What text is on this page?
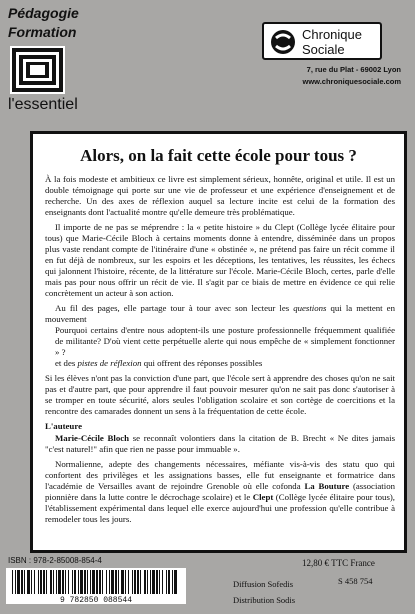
Pédagogie
Formation
l'essentiel
Chronique
Sociale
7, rue du Plat - 69002 Lyon
www.chroniquesociale.com
Alors, on la fait cette école pour tous ?

À la fois modeste et ambitieux ce livre est simplement sérieux, honnête, original et utile. Il est un double témoignage qui porte sur une vie de professeur et une expérience d'enseignement et de recherche. Un des axes de réflexion auquel sa lecture incite est celui de la formation des enseignants dont l'actualité montre qu'elle demeure très problématique.

Il importe de ne pas se méprendre : la « petite histoire » du Clept (Collège lycée élitaire pour tous) que Marie-Cécile Bloch à certains moments donne à entendre, disséminée dans un propos plus vaste rendant compte de l'itinéraire d'une « obstinée », ne prétend pas faire un récit comme il en fut déjà de nombreux, sur les espoirs et les déceptions, les tentatives, les réussites, les échecs qui jalonnent l'histoire, récente, de la littérature sur l'école. Marie-Cécile Bloch, certes, parle d'elle mais pas pour nous offrir un récit de vie. Il s'agit par ce biais de mettre en évidence ce qui relie concrètement un acteur à son action.

Au fil des pages, elle partage tour à tour avec son lecteur les questions qui la mettent en mouvement

Pourquoi certains d'entre nous adoptent-ils une posture professionnelle fréquemment qualifiée de militante? D'où vient cette perpétuelle alerte qui nous empêche de « simplement fonctionner » ?

et des pistes de réflexion qui offrent des réponses possibles

Si les élèves n'ont pas la conviction d'une part, que l'école sert à apprendre des choses qu'on ne sait pas et d'autre part, que pour apprendre il faut pouvoir mesurer qu'on ne sait pas donc s'autoriser à se tromper en toute sécurité, alors seules l'obligation scolaire et son cortège de coercitions et la rencontre des camarades donnent un sens à la fréquentation de cette école.

L'auteure

Marie-Cécile Bloch se reconnaît volontiers dans la citation de B. Brecht « Ne dites jamais "c'est naturel!" afin que rien ne passe pour immuable ».

Normalienne, adepte des changements nécessaires, méfiante vis-à-vis des statu quo qui confortent des privilèges et les assignations basses, elle fut enseignante et formatrice dans l'académie de Versailles avant de rejoindre Grenoble où elle cofonda La Bouture (association pionnière dans la lutte contre le décrochage scolaire) et le Clept (Collège lycée élitaire pour tous), l'établissement expérimental dans lequel elle exerce aujourd'hui une profession qu'elle contribue à remodeler tous les jours.

ISBN : 978-2-85008-854-4
9 782850 088544
12,80 € TTC France
Diffusion Sofedis
Distribution Sodis
S 458 754
